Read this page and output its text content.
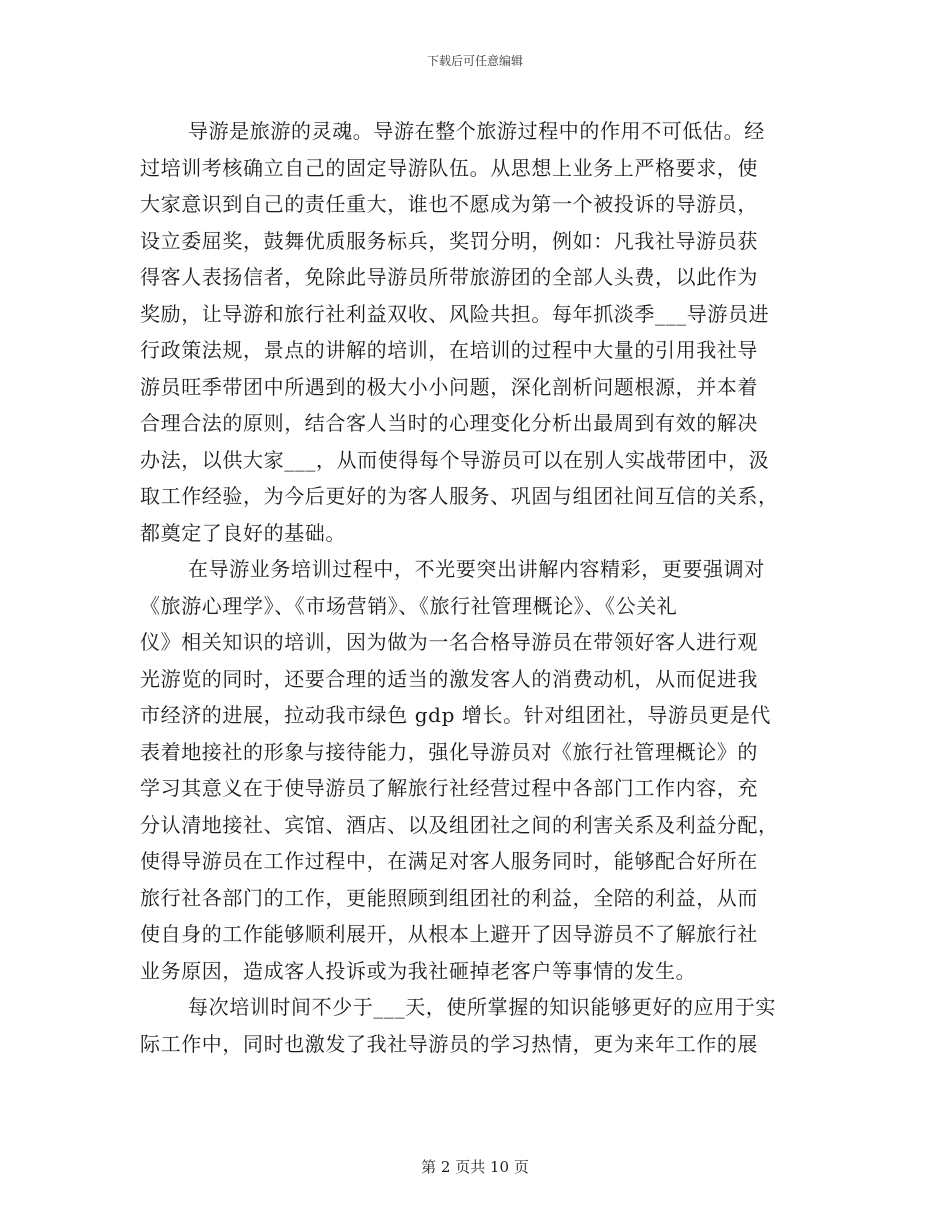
下载后可任意编辑
导游是旅游的灵魂。导游在整个旅游过程中的作用不可低估。经
过培训考核确立自己的固定导游队伍。从思想上业务上严格要求，使
大家意识到自己的责任重大，谁也不愿成为第一个被投诉的导游员，
设立委屈奖，鼓舞优质服务标兵，奖罚分明，例如：凡我社导游员获
得客人表扬信者，免除此导游员所带旅游团的全部人头费，以此作为
奖励，让导游和旅行社利益双收、风险共担。每年抓淡季___导游员进
行政策法规，景点的讲解的培训，在培训的过程中大量的引用我社导
游员旺季带团中所遇到的极大小小问题，深化剖析问题根源，并本着
合理合法的原则，结合客人当时的心理变化分析出最周到有效的解决
办法，以供大家___，从而使得每个导游员可以在别人实战带团中，汲
取工作经验，为今后更好的为客人服务、巩固与组团社间互信的关系，
都奠定了良好的基础。
在导游业务培训过程中，不光要突出讲解内容精彩，更要强调对
《旅游心理学》、《市场营销》、《旅行社管理概论》、《公关礼
仪》相关知识的培训，因为做为一名合格导游员在带领好客人进行观
光游览的同时，还要合理的适当的激发客人的消费动机，从而促进我
市经济的进展，拉动我市绿色 gdp 增长。针对组团社，导游员更是代
表着地接社的形象与接待能力，强化导游员对《旅行社管理概论》的
学习其意义在于使导游员了解旅行社经营过程中各部门工作内容，充
分认清地接社、宾馆、酒店、以及组团社之间的利害关系及利益分配，
使得导游员在工作过程中，在满足对客人服务同时，能够配合好所在
旅行社各部门的工作，更能照顾到组团社的利益，全陪的利益，从而
使自身的工作能够顺利展开，从根本上避开了因导游员不了解旅行社
业务原因，造成客人投诉或为我社砸掉老客户等事情的发生。
每次培训时间不少于___天，使所掌握的知识能够更好的应用于实
际工作中，同时也激发了我社导游员的学习热情，更为来年工作的展
第 2 页共 10 页
